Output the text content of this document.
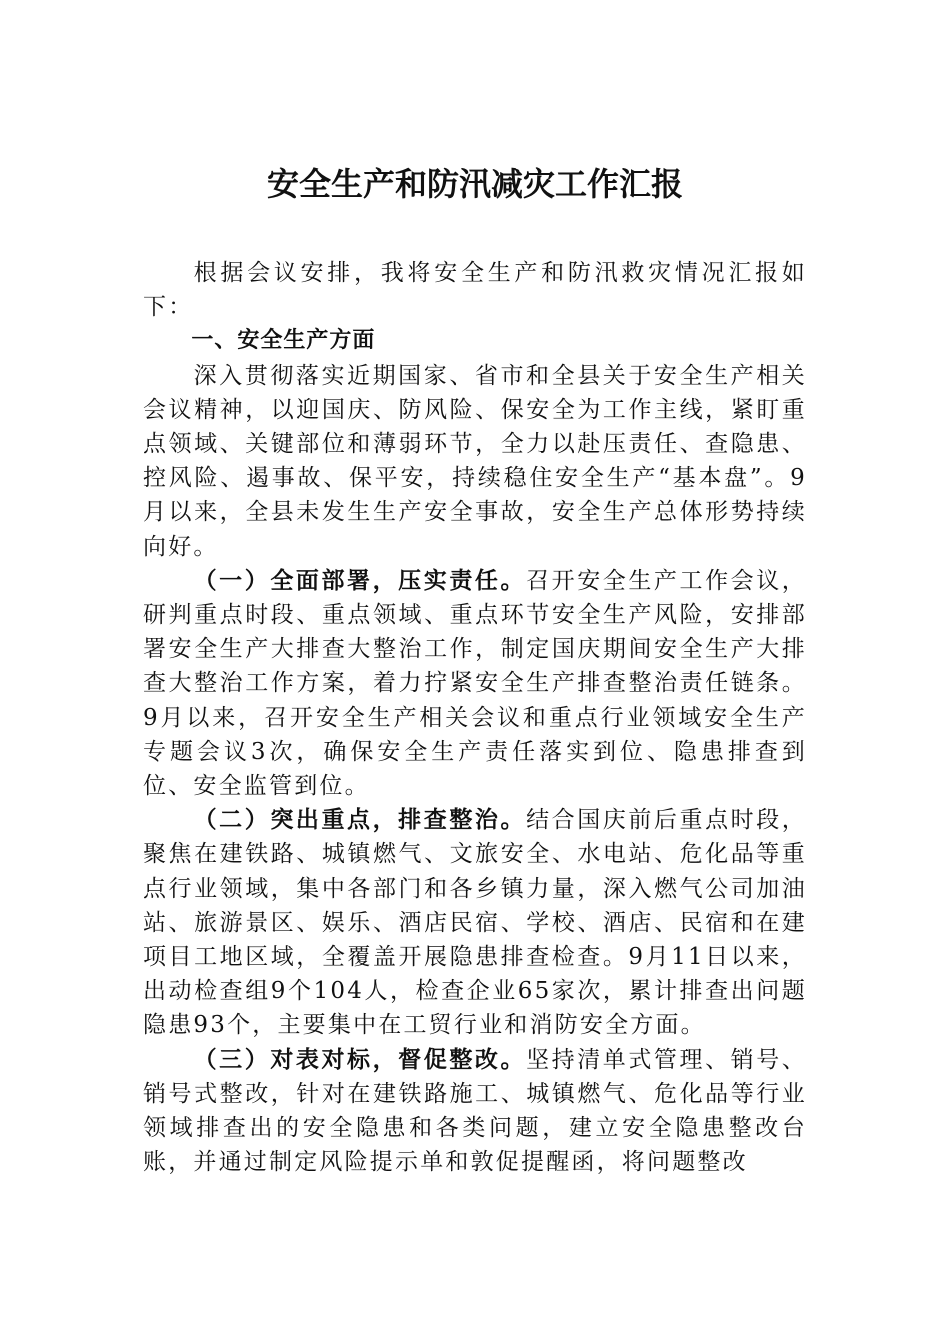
安全生产和防汛减灾工作汇报

根据会议安排，我将安全生产和防汛救灾情况汇报如下：

一、安全生产方面

深入贯彻落实近期国家、省市和全县关于安全生产相关会议精神，以迎国庆、防风险、保安全为工作主线，紧盯重点领域、关键部位和薄弱环节，全力以赴压责任、查隐患、控风险、遏事故、保平安，持续稳住安全生产“基本盘”。9月以来，全县未发生生产安全事故，安全生产总体形势持续向好。

（一）全面部署，压实责任。召开安全生产工作会议，研判重点时段、重点领域、重点环节安全生产风险，安排部署安全生产大排查大整治工作，制定国庆期间安全生产大排查大整治工作方案，着力拧紧安全生产排查整治责任链条。9月以来，召开安全生产相关会议和重点行业领域安全生产专题会议3次，确保安全生产责任落实到位、隐患排查到位、安全监管到位。

（二）突出重点，排查整治。结合国庆前后重点时段，聚焦在建铁路、城镇燃气、文旅安全、水电站、危化品等重点行业领域，集中各部门和各乡镇力量，深入燃气公司加油站、旅游景区、娱乐、酒店民宿、学校、酒店、民宿和在建项目工地区域，全覆盖开展隐患排查检查。9月11日以来，出动检查组9个104人，检查企业65家次，累计排查出问题隐患93个，主要集中在工贸行业和消防安全方面。

（三）对表对标，督促整改。坚持清单式管理、销号、销号式整改，针对在建铁路施工、城镇燃气、危化品等行业领域排查出的安全隐患和各类问题，建立安全隐患整改台账，并通过制定风险提示单和敦促提醒函，将问题整改
